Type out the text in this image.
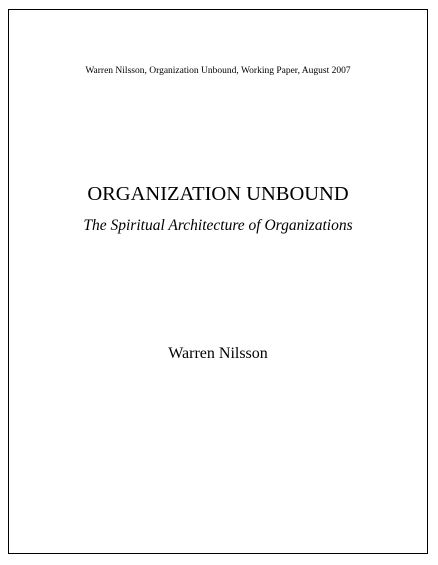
Warren Nilsson, Organization Unbound, Working Paper, August 2007
ORGANIZATION UNBOUND
The Spiritual Architecture of Organizations
Warren Nilsson
